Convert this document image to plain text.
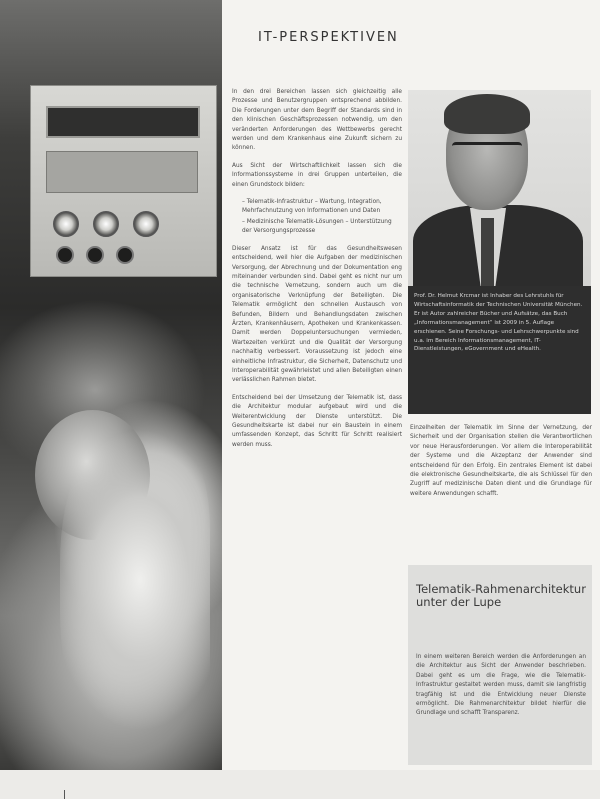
IT-PERSPEKTIVEN

In den drei Bereichen lassen sich gleichzeitig alle Prozesse und Benutzergruppen entsprechend abbilden. Die Forderungen unter dem Begriff der Standards sind in den klinischen Geschäftsprozessen notwendig, um den veränderten Anforderungen des Wettbewerbs gerecht werden und dem Krankenhaus eine Zukunft sichern zu können.

Aus Sicht der Wirtschaftlichkeit lassen sich die Informationssysteme in drei Gruppen unterteilen, die einen Grundstock bilden:

– Telematik-Infrastruktur – Wartung, Integration, Mehrfachnutzung von Informationen und Daten
– Medizinische Telematik-Lösungen – Unterstützung der Versorgungsprozesse

Dieser Ansatz ist für das Gesundheitswesen entscheidend, weil hier die Aufgaben der medizinischen Versorgung, der Abrechnung und der Dokumentation eng miteinander verbunden sind. Dabei geht es nicht nur um die technische Vernetzung, sondern auch um die organisatorische Verknüpfung der Beteiligten. Die Telematik ermöglicht den schnellen Austausch von Befunden, Bildern und Behandlungsdaten zwischen Ärzten, Krankenhäusern, Apotheken und Krankenkassen. Damit werden Doppeluntersuchungen vermieden, Wartezeiten verkürzt und die Qualität der Versorgung nachhaltig verbessert. Voraussetzung ist jedoch eine einheitliche Infrastruktur, die Sicherheit, Datenschutz und Interoperabilität gewährleistet und allen Beteiligten einen verlässlichen Rahmen bietet.

Entscheidend bei der Umsetzung der Telematik ist, dass die Architektur modular aufgebaut wird und die Weiterentwicklung der Dienste unterstützt. Die Gesundheitskarte ist dabei nur ein Baustein in einem umfassenden Konzept, das Schritt für Schritt realisiert werden muss.

Prof. Dr. Helmut Krcmar ist Inhaber des Lehrstuhls für Wirtschaftsinformatik der Technischen Universität München. Er ist Autor zahlreicher Bücher und Aufsätze, das Buch „Informationsmanagement“ ist 2009 in 5. Auflage erschienen. Seine Forschungs- und Lehrschwerpunkte sind u.a. im Bereich Informationsmanagement, IT-Dienstleistungen, eGovernment und eHealth.

Einzelheiten der Telematik im Sinne der Vernetzung, der Sicherheit und der Organisation stellen die Verantwortlichen vor neue Herausforderungen. Vor allem die Interoperabilität der Systeme und die Akzeptanz der Anwender sind entscheidend für den Erfolg. Ein zentrales Element ist dabei die elektronische Gesundheitskarte, die als Schlüssel für den Zugriff auf medizinische Daten dient und die Grundlage für weitere Anwendungen schafft.

Telematik-Rahmenarchitektur unter der Lupe

In einem weiteren Bereich werden die Anforderungen an die Architektur aus Sicht der Anwender beschrieben. Dabei geht es um die Frage, wie die Telematik-Infrastruktur gestaltet werden muss, damit sie langfristig tragfähig ist und die Entwicklung neuer Dienste ermöglicht. Die Rahmenarchitektur bildet hierfür die Grundlage und schafft Transparenz.
